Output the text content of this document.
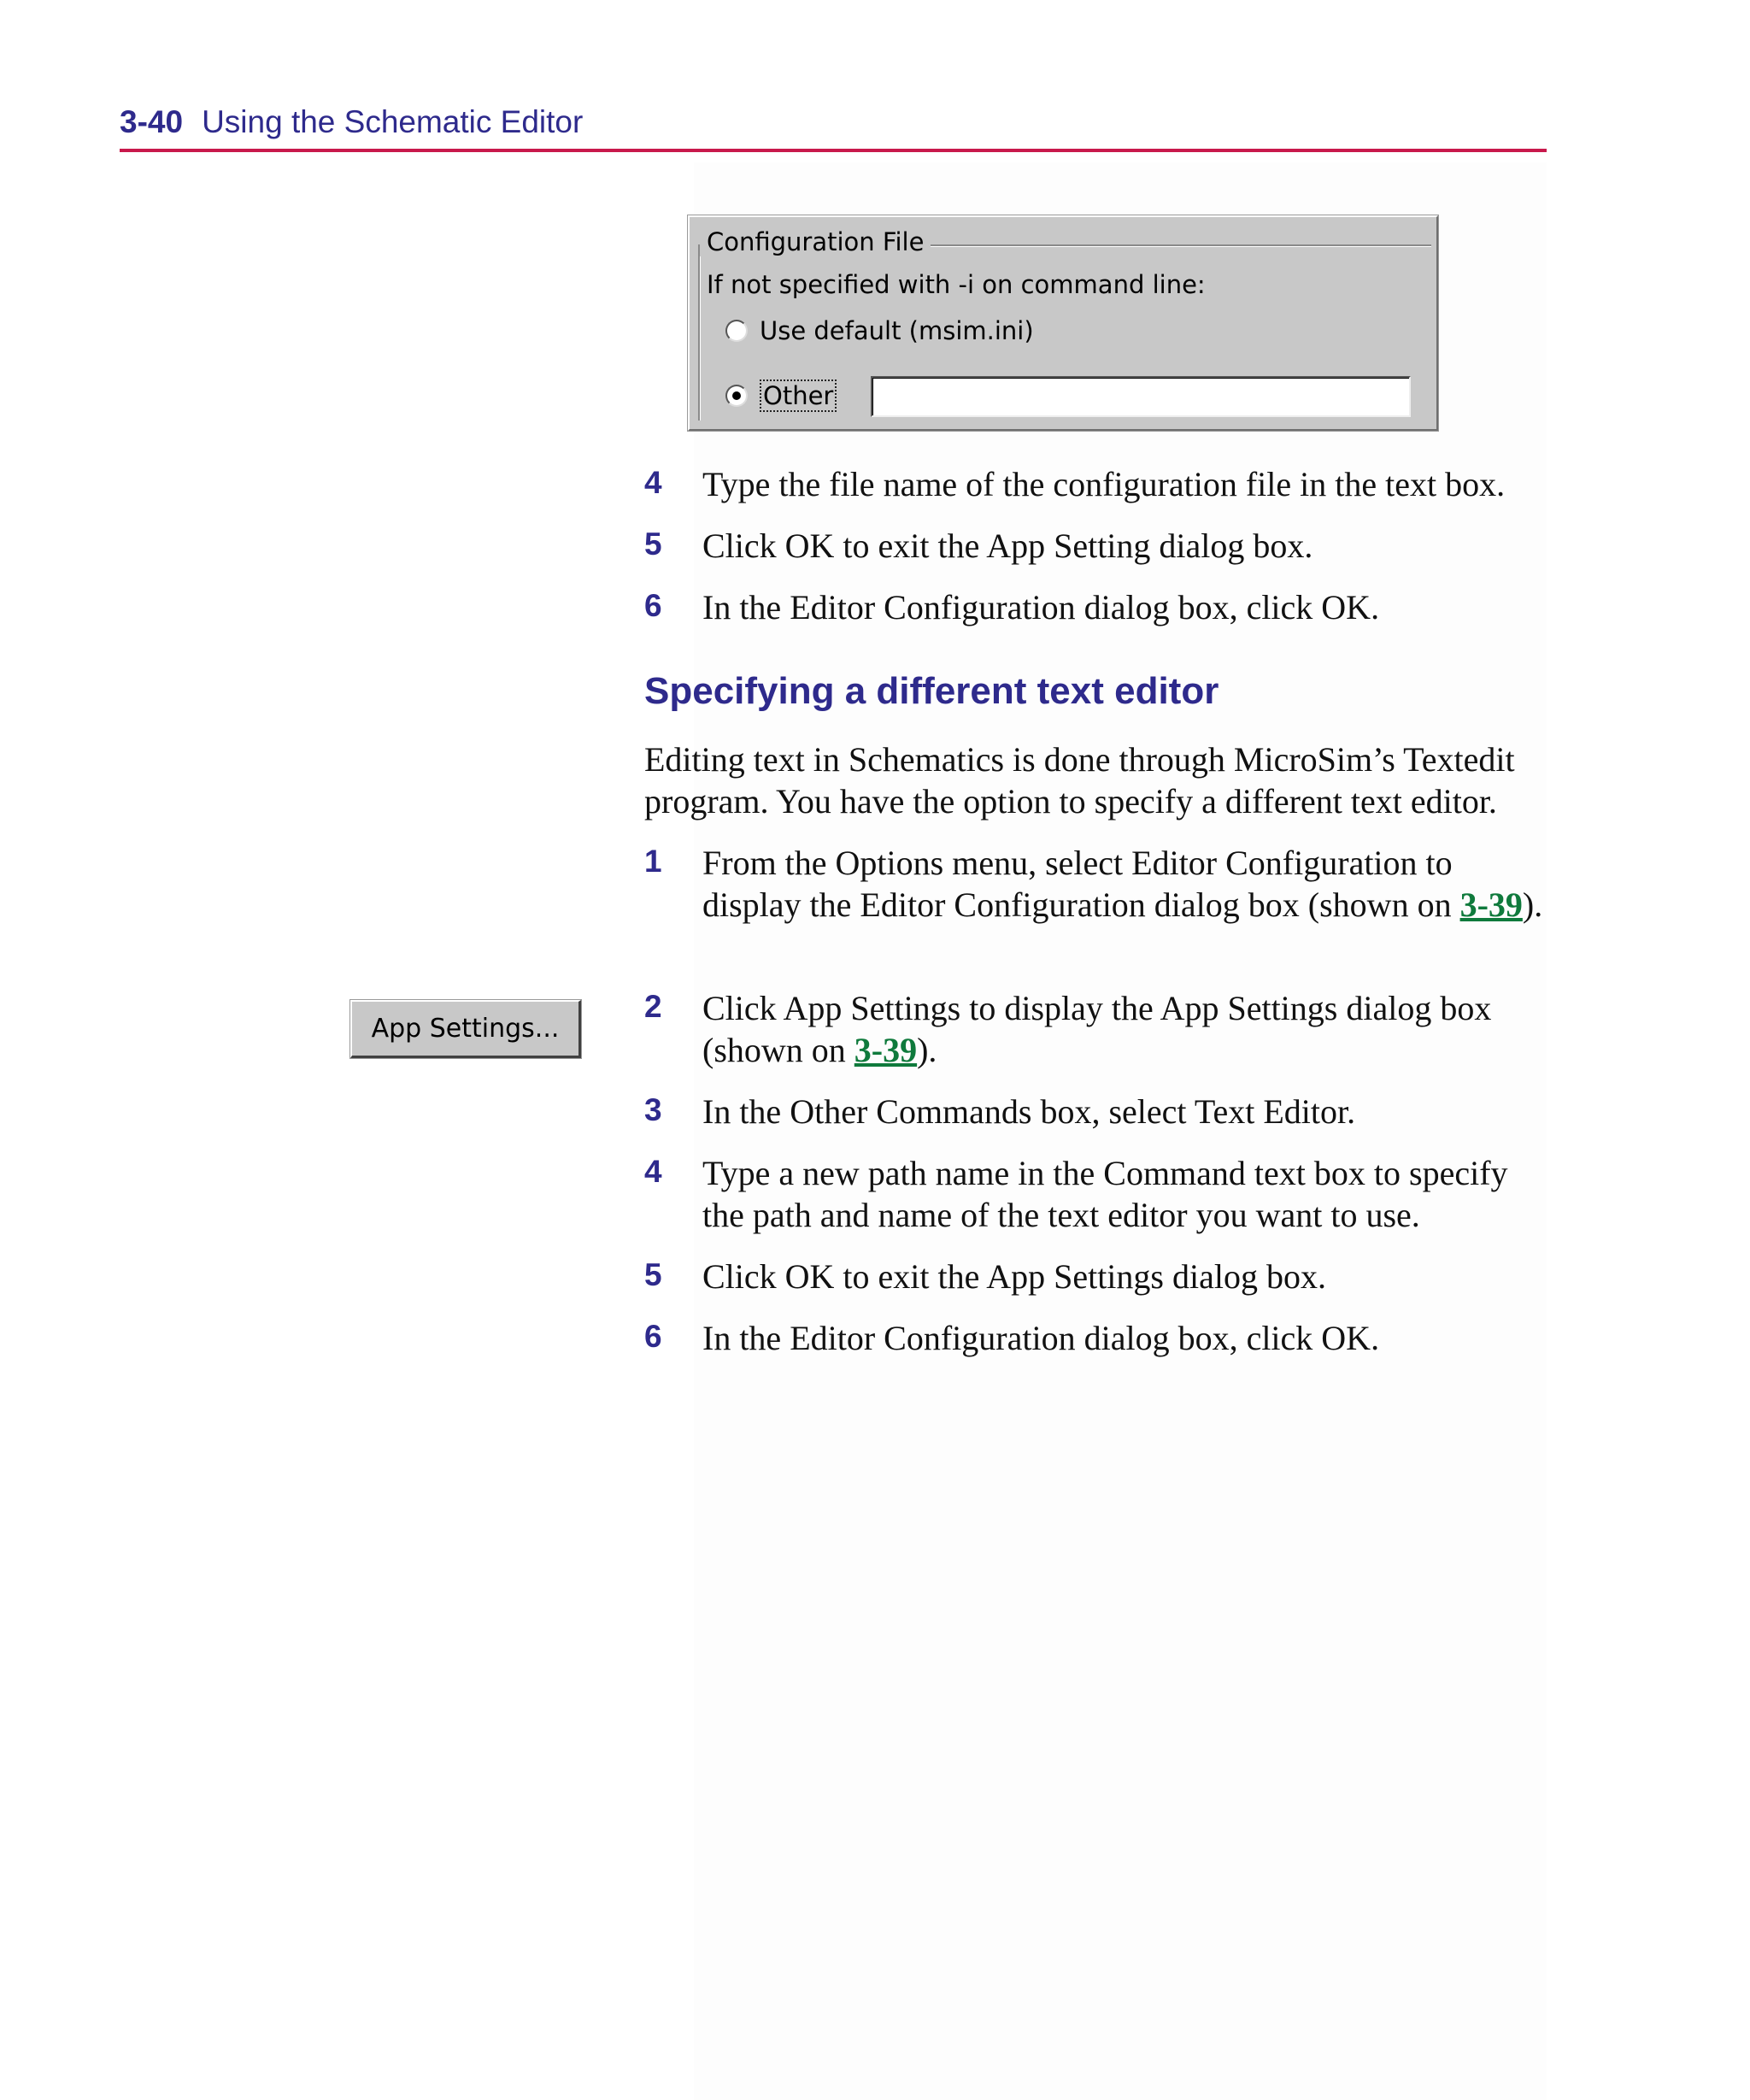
3-40 Using the Schematic Editor
Configuration File
If not specified with -i on command line:
Use default (msim.ini)
Other
4 Type the file name of the configuration file in the text box.
5 Click OK to exit the App Setting dialog box.
6 In the Editor Configuration dialog box, click OK.
Specifying a different text editor
Editing text in Schematics is done through MicroSim’s Textedit program. You have the option to specify a different text editor.
App Settings...
1 From the Options menu, select Editor Configuration to display the Editor Configuration dialog box (shown on 3-39).
2 Click App Settings to display the App Settings dialog box (shown on 3-39).
3 In the Other Commands box, select Text Editor.
4 Type a new path name in the Command text box to specify the path and name of the text editor you want to use.
5 Click OK to exit the App Settings dialog box.
6 In the Editor Configuration dialog box, click OK.
